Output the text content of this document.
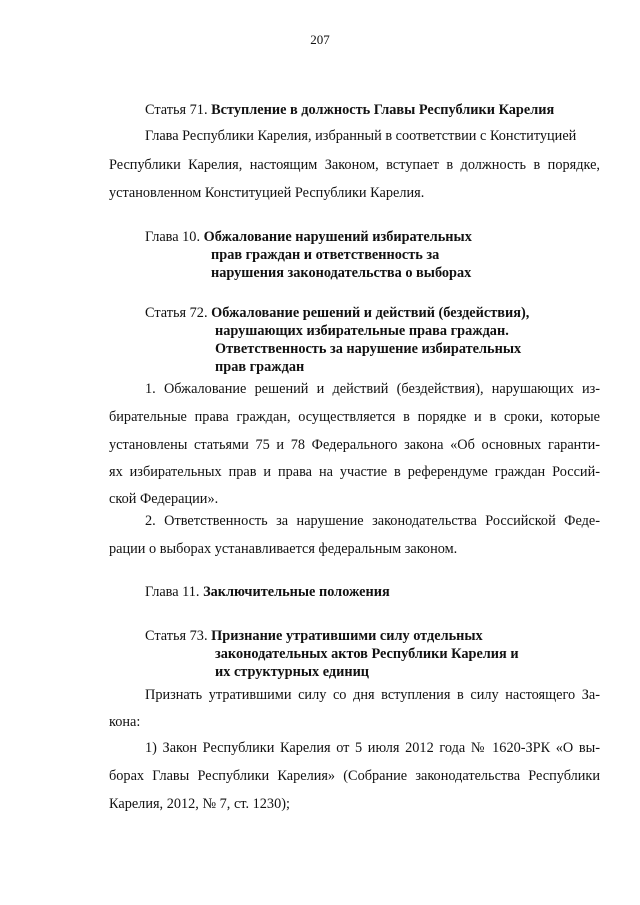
207
Статья 71. Вступление в должность Главы Республики Карелия
Глава Республики Карелия, избранный в соответствии с Конституцией
Республики Карелия, настоящим Законом, вступает в должность в порядке,
установленном Конституцией Республики Карелия.
Глава 10. Обжалование нарушений избирательных
прав граждан и ответственность за
нарушения законодательства о выборах
Статья 72. Обжалование решений и действий (бездействия),
нарушающих избирательные права граждан.
Ответственность за нарушение избирательных
прав граждан
1. Обжалование решений и действий (бездействия), нарушающих из-
бирательные права граждан, осуществляется в порядке и в сроки, которые
установлены статьями 75 и 78 Федерального закона «Об основных гаранти-
ях избирательных прав и права на участие в референдуме граждан Россий-
ской Федерации».
2. Ответственность за нарушение законодательства Российской Феде-
рации о выборах устанавливается федеральным законом.
Глава 11. Заключительные положения
Статья 73. Признание утратившими силу отдельных
законодательных актов Республики Карелия и
их структурных единиц
Признать утратившими силу со дня вступления в силу настоящего За-
кона:
1) Закон Республики Карелия от 5 июля 2012 года № 1620-ЗРК «О вы-
борах Главы Республики Карелия» (Собрание законодательства Республики
Карелия, 2012, № 7, ст. 1230);
